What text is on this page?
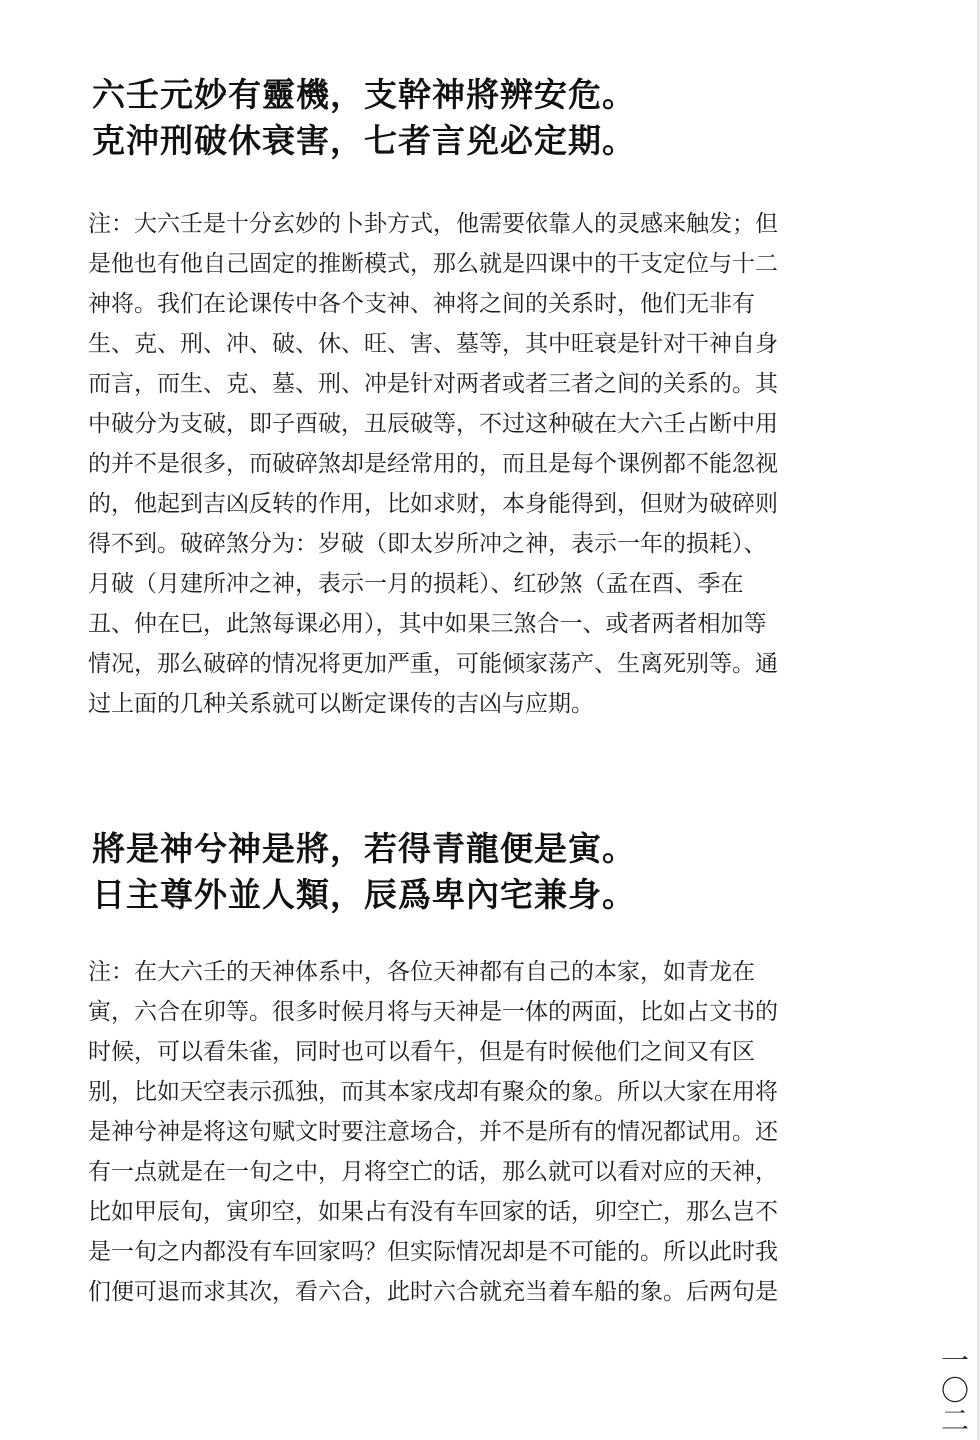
六壬元妙有靈機，支幹神將辨安危。
克沖刑破休衰害，七者言兇必定期。
注：大六壬是十分玄妙的卜卦方式，他需要依靠人的灵感来触发；但
是他也有他自己固定的推断模式，那么就是四课中的干支定位与十二
神将。我们在论课传中各个支神、神将之间的关系时，他们无非有
生、克、刑、冲、破、休、旺、害、墓等，其中旺衰是针对干神自身
而言，而生、克、墓、刑、冲是针对两者或者三者之间的关系的。其
中破分为支破，即子酉破，丑辰破等，不过这种破在大六壬占断中用
的并不是很多，而破碎煞却是经常用的，而且是每个课例都不能忽视
的，他起到吉凶反转的作用，比如求财，本身能得到，但财为破碎则
得不到。破碎煞分为：岁破（即太岁所冲之神，表示一年的损耗）、
月破（月建所冲之神，表示一月的损耗）、红砂煞（孟在酉、季在
丑、仲在巳，此煞每课必用），其中如果三煞合一、或者两者相加等
情况，那么破碎的情况将更加严重，可能倾家荡产、生离死别等。通
过上面的几种关系就可以断定课传的吉凶与应期。
將是神兮神是將，若得青龍便是寅。
日主尊外並人類，辰爲卑內宅兼身。
注：在大六壬的天神体系中，各位天神都有自己的本家，如青龙在
寅，六合在卯等。很多时候月将与天神是一体的两面，比如占文书的
时候，可以看朱雀，同时也可以看午，但是有时候他们之间又有区
别，比如天空表示孤独，而其本家戌却有聚众的象。所以大家在用将
是神兮神是将这句赋文时要注意场合，并不是所有的情况都试用。还
有一点就是在一旬之中，月将空亡的话，那么就可以看对应的天神，
比如甲辰旬，寅卯空，如果占有没有车回家的话，卯空亡，那么岂不
是一旬之内都没有车回家吗？但实际情况却是不可能的。所以此时我
们便可退而求其次，看六合，此时六合就充当着车船的象。后两句是
一
〇
二
